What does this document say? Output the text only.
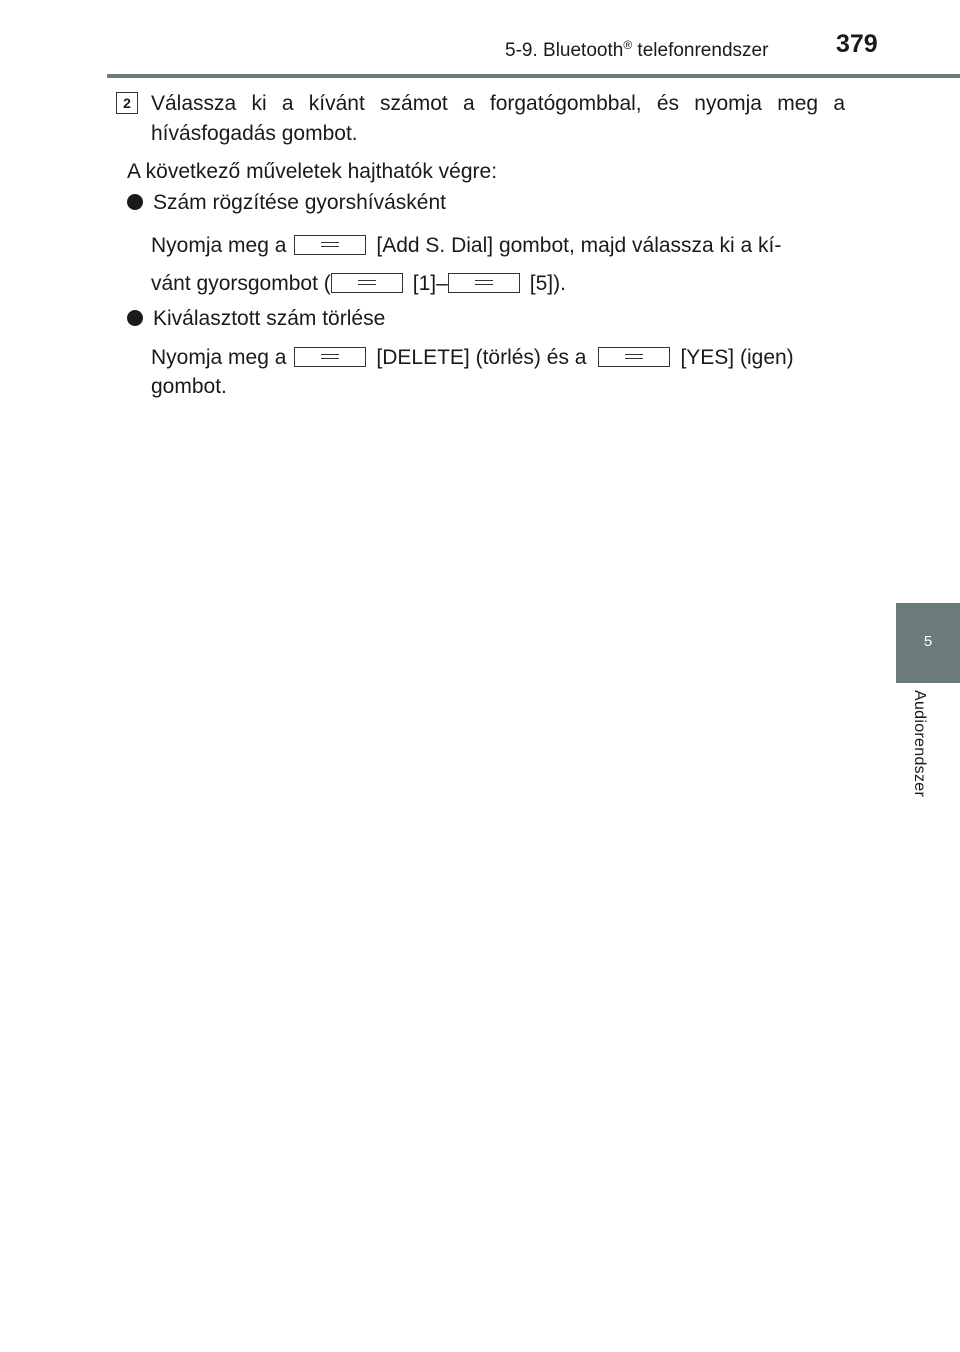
5-9. Bluetooth® telefonrendszer	379
5
Audiorendszer
2 Válassza ki a kívánt számot a forgatógombbal, és nyomja meg a
hívásfogadás gombot.
A következő műveletek hajthatók végre:
Szám rögzítése gyorshívásként
Nyomja meg a	[Add S. Dial] gombot, majd válassza ki a kí-
vánt gyorsgombot (	[1]–	[5]).
Kiválasztott szám törlése
Nyomja meg a	[DELETE] (törlés) és a	[YES] (igen)
gombot.
